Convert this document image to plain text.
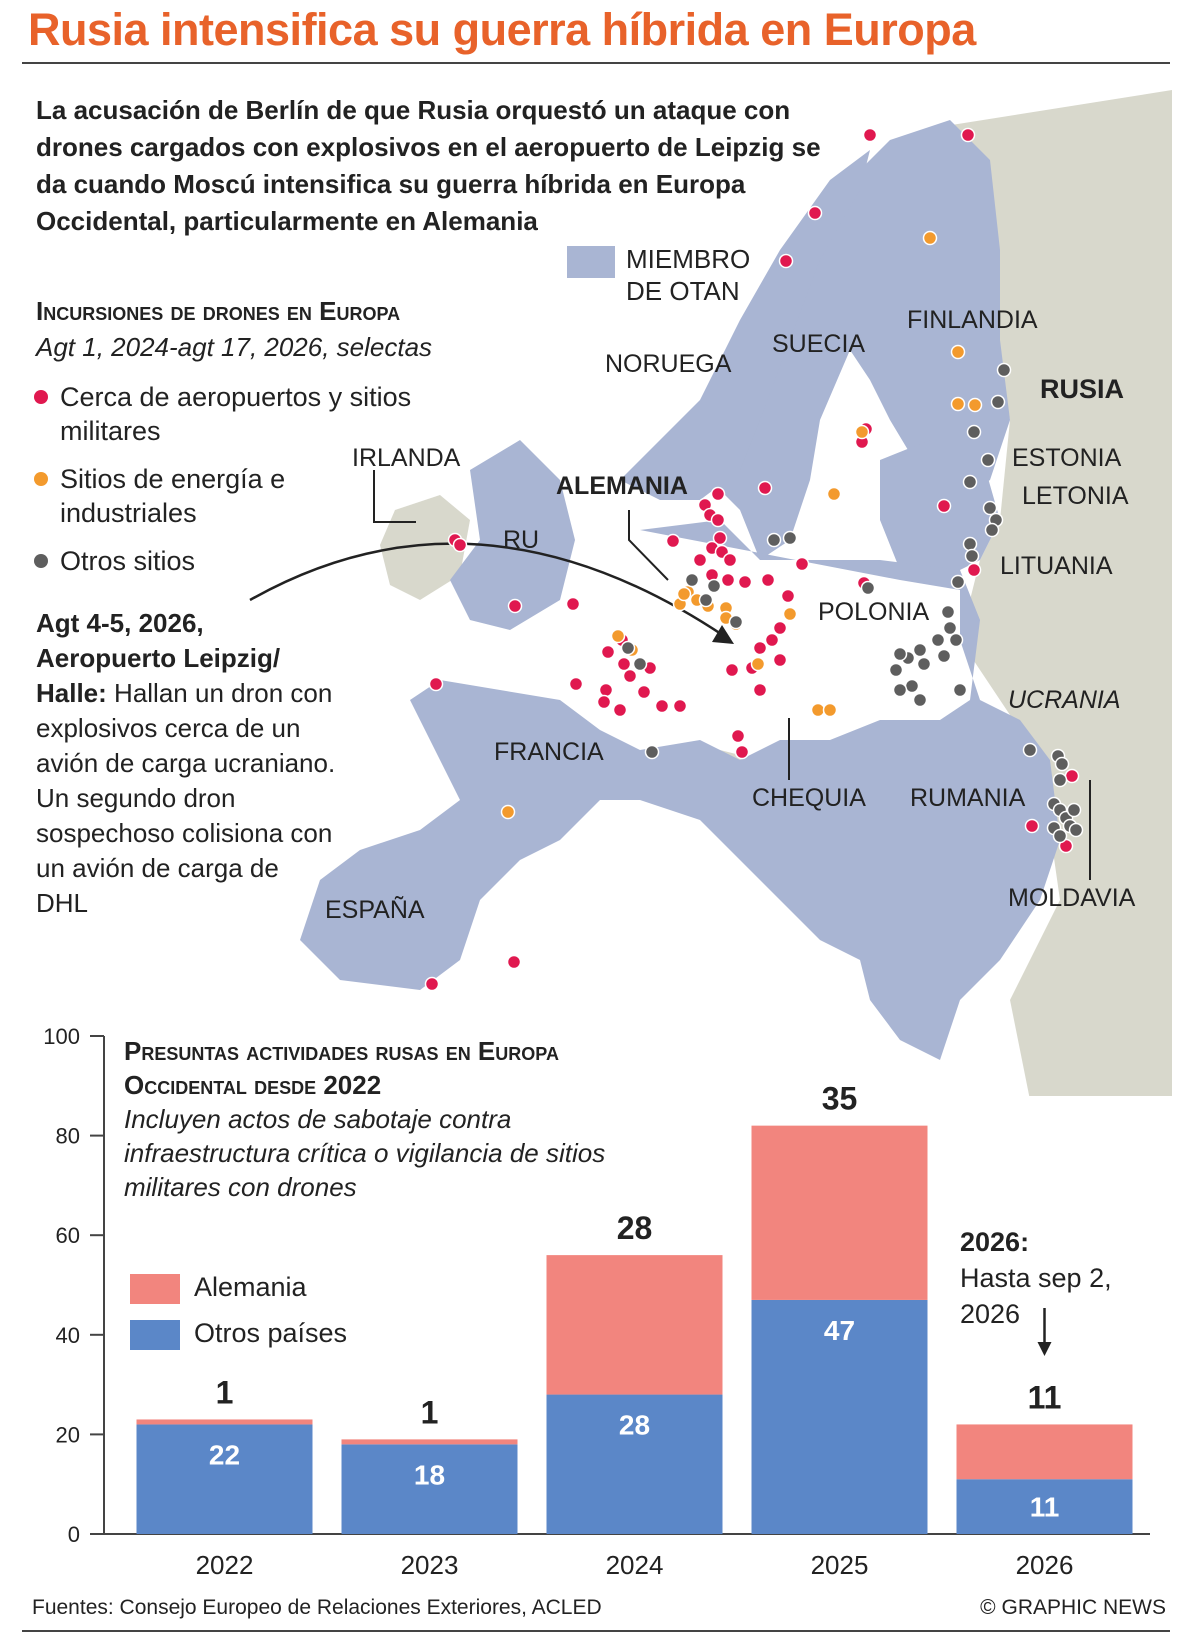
Rusia intensifica su guerra híbrida en Europa
NORUEGA
SUECIA
FINLANDIA
RUSIA
ESTONIA
LETONIA
LITUANIA
IRLANDA
RU
ALEMANIA
POLONIA
UCRANIA
FRANCIA
CHEQUIA RUMANIA
ESPAÑA	MOLDAVIA

La acusación de Berlín de que Rusia orquestó un ataque con drones cargados con explosivos en el aeropuerto de Leipzig se da cuando Moscú intensifica su guerra híbrida en Europa Occidental, particularmente en Alemania

MIEMBRO DE OTAN
Incursiones de drones en Europa
Agt 1, 2024-agt 17, 2026, selectas
Cerca de aeropuertos y sitios militares
Sitios de energía e industriales
Otros sitios
Agt 4-5, 2026,
Aeropuerto Leipzig/ Halle: Hallan un dron con explosivos cerca de un avión de carga ucraniano. Un segundo dron sospechoso colisiona con un avión de carga de DHL
0
20
40
60
80
100
22
1
2022
18
1
2023
28
28
2024
47
35
2025
11
11
2026
Presuntas actividades rusas en Europa Occidental desde 2022
Incluyen actos de sabotaje contra infraestructura crítica o vigilancia de sitios militares con drones
Alemania
Otros países
2026: Hasta sep 2, 2026
Fuentes: Consejo Europeo de Relaciones Exteriores, ACLED	© GRAPHIC NEWS
